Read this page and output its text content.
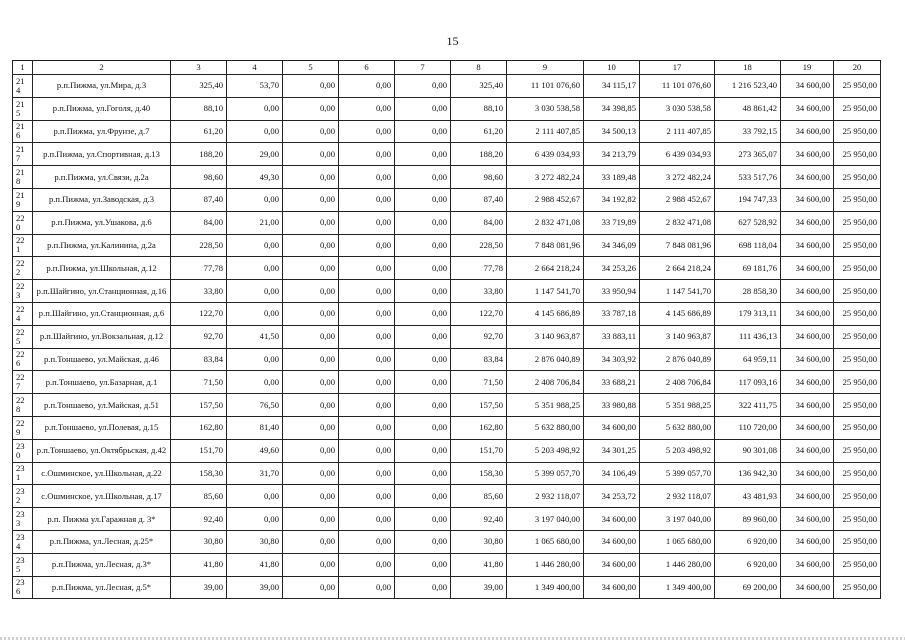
15
1	2	3	4	5	6	7	8	9	10	17	18	19	20
21
4	р.п.Пижма, ул.Мира, д.3	325,40	53,70	0,00	0,00	0,00	325,40	11 101 076,60	34 115,17	11 101 076,60	1 216 523,40	34 600,00	25 950,00
21
5	р.п.Пижма, ул.Гоголя, д.40	88,10	0,00	0,00	0,00	0,00	88,10	3 030 538,58	34 398,85	3 030 538,58	48 861,42	34 600,00	25 950,00
21
6	р.п.Пижма, ул.Фрунзе, д.7	61,20	0,00	0,00	0,00	0,00	61,20	2 111 407,85	34 500,13	2 111 407,85	33 792,15	34 600,00	25 950,00
21
7	р.п.Пижма, ул.Спортивная, д.13	188,20	29,00	0,00	0,00	0,00	188,20	6 439 034,93	34 213,79	6 439 034,93	273 365,07	34 600,00	25 950,00
21
8	р.п.Пижма, ул.Связи, д.2а	98,60	49,30	0,00	0,00	0,00	98,60	3 272 482,24	33 189,48	3 272 482,24	533 517,76	34 600,00	25 950,00
21
9	р.п.Пижма, ул.Заводская, д.3	87,40	0,00	0,00	0,00	0,00	87,40	2 988 452,67	34 192,82	2 988 452,67	194 747,33	34 600,00	25 950,00
22
0	р.п.Пижма, ул.Ушакова, д.6	84,00	21,00	0,00	0,00	0,00	84,00	2 832 471,08	33 719,89	2 832 471,08	627 528,92	34 600,00	25 950,00
22
1	р.п.Пижма, ул.Калинина, д.2а	228,50	0,00	0,00	0,00	0,00	228,50	7 848 081,96	34 346,09	7 848 081,96	698 118,04	34 600,00	25 950,00
22
2	р.п.Пижма, ул.Школьная, д.12	77,78	0,00	0,00	0,00	0,00	77,78	2 664 218,24	34 253,26	2 664 218,24	69 181,76	34 600,00	25 950,00
22
3	р.п.Шайгино, ул.Станционная, д.16	33,80	0,00	0,00	0,00	0,00	33,80	1 147 541,70	33 950,94	1 147 541,70	28 858,30	34 600,00	25 950,00
22
4	р.п.Шайгино, ул.Станционная, д.6	122,70	0,00	0,00	0,00	0,00	122,70	4 145 686,89	33 787,18	4 145 686,89	179 313,11	34 600,00	25 950,00
22
5	р.п.Шайгино, ул.Вокзальная, д.12	92,70	41,50	0,00	0,00	0,00	92,70	3 140 963,87	33 883,11	3 140 963,87	111 436,13	34 600,00	25 950,00
22
6	р.п.Тоншаево, ул.Майская, д.46	83,84	0,00	0,00	0,00	0,00	83,84	2 876 040,89	34 303,92	2 876 040,89	64 959,11	34 600,00	25 950,00
22
7	р.п.Тоншаево, ул.Базарная, д.1	71,50	0,00	0,00	0,00	0,00	71,50	2 408 706,84	33 688,21	2 408 706,84	117 093,16	34 600,00	25 950,00
22
8	р.п.Тоншаево, ул.Майская, д.51	157,50	76,50	0,00	0,00	0,00	157,50	5 351 988,25	33 980,88	5 351 988,25	322 411,75	34 600,00	25 950,00
22
9	р.п.Тоншаево, ул.Полевая, д.15	162,80	81,40	0,00	0,00	0,00	162,80	5 632 880,00	34 600,00	5 632 880,00	110 720,00	34 600,00	25 950,00
23
0	р.п.Тоншаево, ул.Октябрьская, д.42	151,70	49,60	0,00	0,00	0,00	151,70	5 203 498,92	34 301,25	5 203 498,92	90 301,08	34 600,00	25 950,00
23
1	с.Ошминское, ул.Школьная, д.22	158,30	31,70	0,00	0,00	0,00	158,30	5 399 057,70	34 106,49	5 399 057,70	136 942,30	34 600,00	25 950,00
23
2	с.Ошминское, ул.Школьная, д.17	85,60	0,00	0,00	0,00	0,00	85,60	2 932 118,07	34 253,72	2 932 118,07	43 481,93	34 600,00	25 950,00
23
3	р.п. Пижма ул.Гаражная д. 3*	92,40	0,00	0,00	0,00	0,00	92,40	3 197 040,00	34 600,00	3 197 040,00	89 960,00	34 600,00	25 950,00
23
4	р.п.Пижма, ул.Лесная, д.25*	30,80	30,80	0,00	0,00	0,00	30,80	1 065 680,00	34 600,00	1 065 680,00	6 920,00	34 600,00	25 950,00
23
5	р.п.Пижма, ул.Лесная, д.3*	41,80	41,80	0,00	0,00	0,00	41,80	1 446 280,00	34 600,00	1 446 280,00	6 920,00	34 600,00	25 950,00
23
6	р.п.Пижма, ул.Лесная, д.5*	39,00	39,00	0,00	0,00	0,00	39,00	1 349 400,00	34 600,00	1 349 400,00	69 200,00	34 600,00	25 950,00
